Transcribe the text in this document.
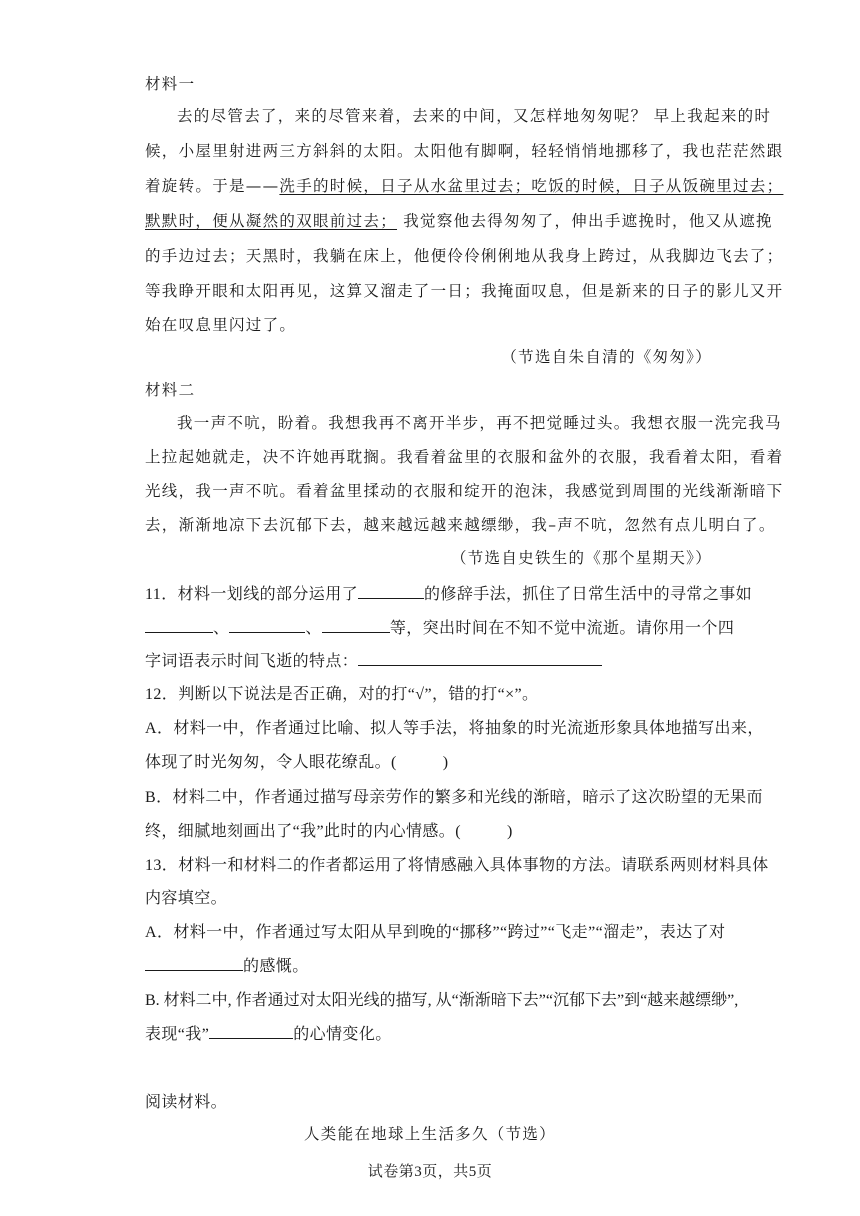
材料一
去的尽管去了，来的尽管来着，去来的中间，又怎样地匆匆呢？ 早上我起来的时
候，小屋里射进两三方斜斜的太阳。太阳他有脚啊，轻轻悄悄地挪移了，我也茫茫然跟
着旋转。于是——洗手的时候，日子从水盆里过去；吃饭的时候，日子从饭碗里过去；
默默时，便从凝然的双眼前过去； 我觉察他去得匆匆了，伸出手遮挽时，他又从遮挽
的手边过去；天黑时，我躺在床上，他便伶伶俐俐地从我身上跨过，从我脚边飞去了；
等我睁开眼和太阳再见，这算又溜走了一日；我掩面叹息，但是新来的日子的影儿又开
始在叹息里闪过了。
（节选自朱自清的《匆匆》）
材料二
我一声不吭，盼着。我想我再不离开半步，再不把觉睡过头。我想衣服一洗完我马
上拉起她就走，决不许她再耽搁。我看着盆里的衣服和盆外的衣服，我看着太阳，看着
光线，我一声不吭。看着盆里揉动的衣服和绽开的泡沫，我感觉到周围的光线渐渐暗下
去，渐渐地凉下去沉郁下去，越来越远越来越缥缈，我–声不吭，忽然有点儿明白了。
（节选自史铁生的《那个星期天》）
11．材料一划线的部分运用了	的修辞手法，抓住了日常生活中的寻常之事如
、	、	等，突出时间在不知不觉中流逝。请你用一个四
字词语表示时间飞逝的特点：
12．判断以下说法是否正确，对的打“√”，错的打“×”。
A．材料一中，作者通过比喻、拟人等手法，将抽象的时光流逝形象具体地描写出来，
体现了时光匆匆，令人眼花缭乱。(	)
B．材料二中，作者通过描写母亲劳作的繁多和光线的渐暗，暗示了这次盼望的无果而
终，细腻地刻画出了“我”此时的内心情感。(	)
13．材料一和材料二的作者都运用了将情感融入具体事物的方法。请联系两则材料具体
内容填空。
A．材料一中，作者通过写太阳从早到晚的“挪移”“跨过”“飞走”“溜走”，表达了对
的感慨。
B. 材料二中, 作者通过对太阳光线的描写, 从“渐渐暗下去”“沉郁下去”到“越来越缥缈”,
表现“我”	的心情变化。
阅读材料。
人类能在地球上生活多久（节选）
试卷第3页，共5页
